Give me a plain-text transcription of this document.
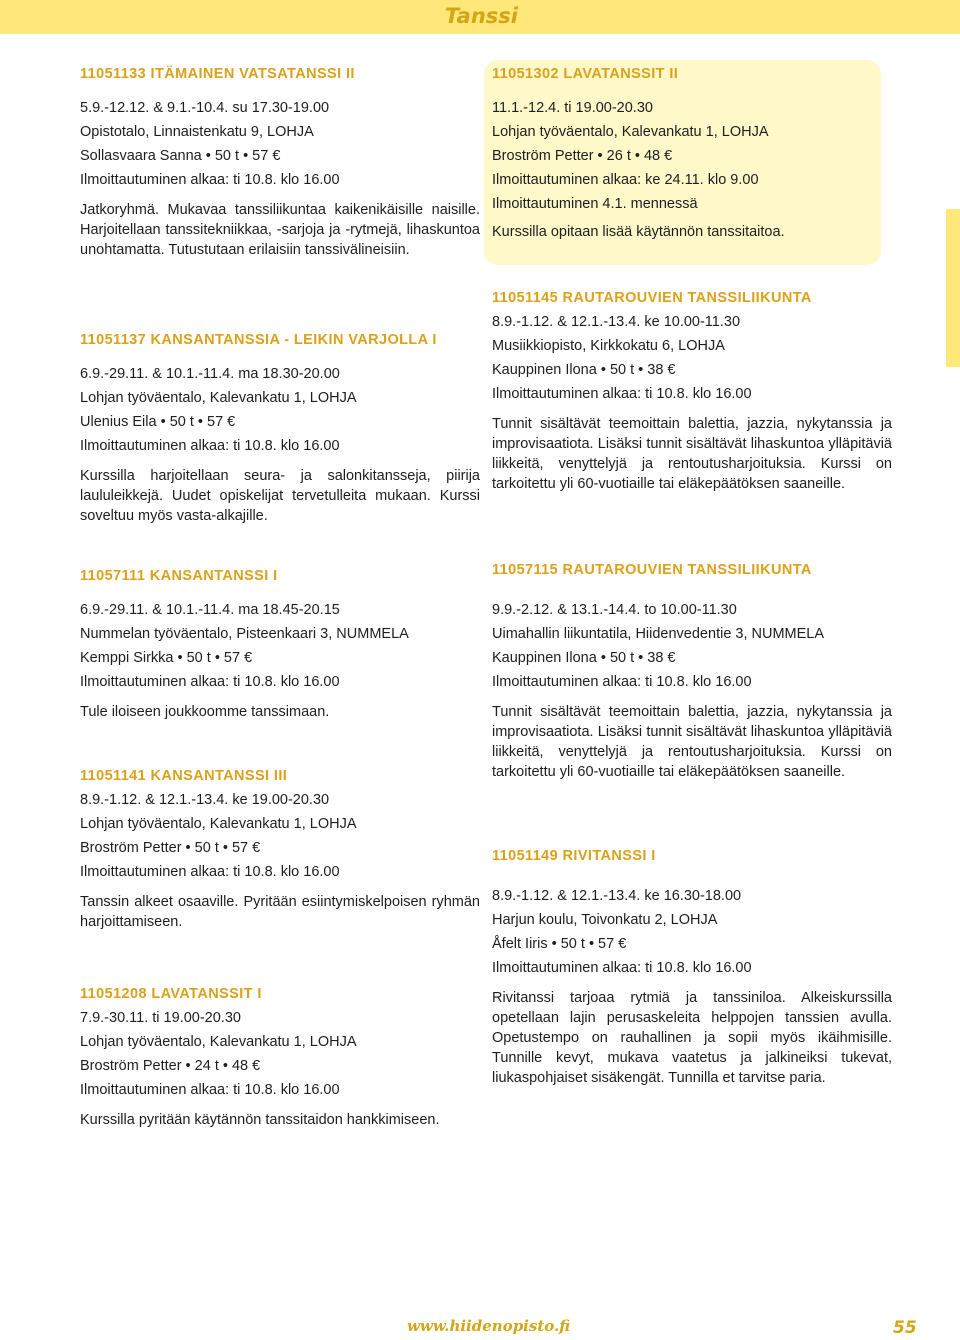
Tanssi

11051133 ITÄMAINEN VATSATANSSI II

5.9.-12.12. & 9.1.-10.4. su 17.30-19.00

Opistotalo, Linnaistenkatu 9, LOHJA

Sollasvaara Sanna • 50 t • 57 €

Ilmoittautuminen alkaa: ti 10.8. klo 16.00

Jatkoryhmä. Mukavaa tanssiliikuntaa kaikenikäisille naisille. Harjoitellaan tanssitekniikkaa, -sarjoja ja -rytmejä, lihaskuntoa unohtamatta. Tutustutaan erilaisiin tanssivälineisiin.

11051137 KANSANTANSSIA - LEIKIN VARJOLLA I

6.9.-29.11. & 10.1.-11.4. ma 18.30-20.00

Lohjan työväentalo, Kalevankatu 1, LOHJA

Ulenius Eila • 50 t • 57 €

Ilmoittautuminen alkaa: ti 10.8. klo 16.00

Kurssilla harjoitellaan seura- ja salonkitansseja, piirija laululeikkejä. Uudet opiskelijat tervetulleita mukaan. Kurssi soveltuu myös vasta-alkajille.

11057111 KANSANTANSSI I

6.9.-29.11. & 10.1.-11.4. ma 18.45-20.15

Nummelan työväentalo, Pisteenkaari 3, NUMMELA

Kemppi Sirkka • 50 t • 57 €

Ilmoittautuminen alkaa: ti 10.8. klo 16.00

Tule iloiseen joukkoomme tanssimaan.

11051141 KANSANTANSSI III

8.9.-1.12. & 12.1.-13.4. ke 19.00-20.30

Lohjan työväentalo, Kalevankatu 1, LOHJA

Broström Petter • 50 t • 57 €

Ilmoittautuminen alkaa: ti 10.8. klo 16.00

Tanssin alkeet osaaville. Pyritään esiintymiskelpoisen ryhmän harjoittamiseen.

11051208 LAVATANSSIT I

7.9.-30.11. ti 19.00-20.30

Lohjan työväentalo, Kalevankatu 1, LOHJA

Broström Petter • 24 t • 48 €

Ilmoittautuminen alkaa: ti 10.8. klo 16.00

Kurssilla pyritään käytännön tanssitaidon hankkimiseen.

11051302 LAVATANSSIT II

11.1.-12.4. ti 19.00-20.30

Lohjan työväentalo, Kalevankatu 1, LOHJA

Broström Petter • 26 t • 48 €

Ilmoittautuminen alkaa: ke 24.11. klo 9.00

Ilmoittautuminen 4.1. mennessä

Kurssilla opitaan lisää käytännön tanssitaitoa.

11051145 RAUTAROUVIEN TANSSILIIKUNTA

8.9.-1.12. & 12.1.-13.4. ke 10.00-11.30

Musiikkiopisto, Kirkkokatu 6, LOHJA

Kauppinen Ilona • 50 t • 38 €

Ilmoittautuminen alkaa: ti 10.8. klo 16.00

Tunnit sisältävät teemoittain balettia, jazzia, nykytanssia ja improvisaatiota. Lisäksi tunnit sisältävät lihaskuntoa ylläpitäviä liikkeitä, venyttelyjä ja rentoutusharjoituksia. Kurssi on tarkoitettu yli 60-vuotiaille tai eläkepäätöksen saaneille.

11057115 RAUTAROUVIEN TANSSILIIKUNTA

9.9.-2.12. & 13.1.-14.4. to 10.00-11.30

Uimahallin liikuntatila, Hiidenvedentie 3, NUMMELA

Kauppinen Ilona • 50 t • 38 €

Ilmoittautuminen alkaa: ti 10.8. klo 16.00

Tunnit sisältävät teemoittain balettia, jazzia, nykytanssia ja improvisaatiota. Lisäksi tunnit sisältävät lihaskuntoa ylläpitäviä liikkeitä, venyttelyjä ja rentoutusharjoituksia. Kurssi on tarkoitettu yli 60-vuotiaille tai eläkepäätöksen saaneille.

11051149 RIVITANSSI I

8.9.-1.12. & 12.1.-13.4. ke 16.30-18.00

Harjun koulu, Toivonkatu 2, LOHJA

Åfelt Iiris • 50 t • 57 €

Ilmoittautuminen alkaa: ti 10.8. klo 16.00

Rivitanssi tarjoaa rytmiä ja tanssiniloa. Alkeiskurssilla opetellaan lajin perusaskeleita helppojen tanssien avulla. Opetustempo on rauhallinen ja sopii myös ikäihmisille. Tunnille kevyt, mukava vaatetus ja jalkineiksi tukevat, liukaspohjaiset sisäkengät. Tunnilla et tarvitse paria.

www.hiidenopisto.fi	55
